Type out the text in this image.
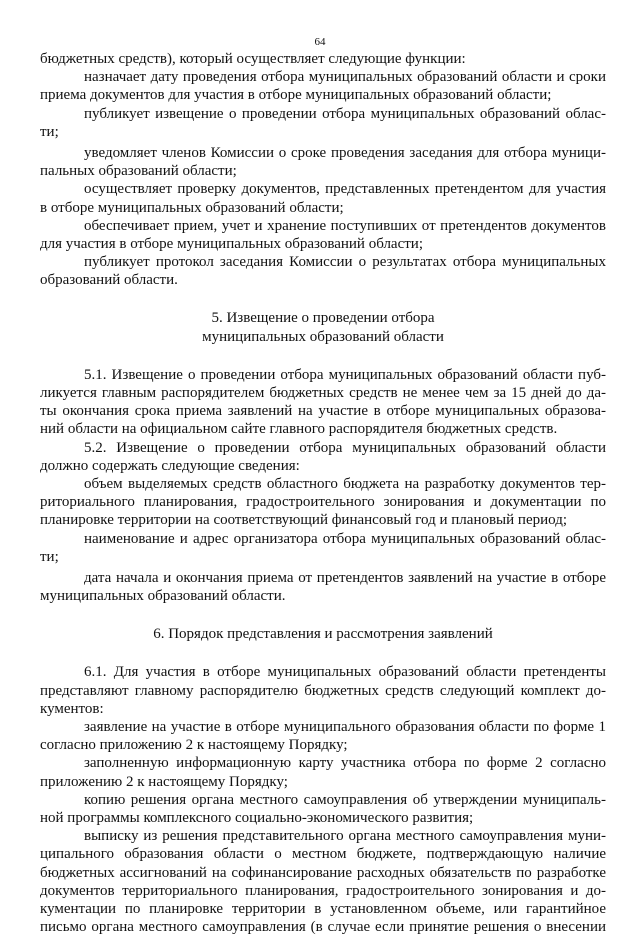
64
бюджетных средств), который осуществляет следующие функции:
назначает дату проведения отбора муниципальных образований области и сроки
приема документов для участия в отборе муниципальных образований области;
публикует извещение о проведении отбора муниципальных образований облас-
ти;
уведомляет членов Комиссии о сроке проведения заседания для отбора муници-
пальных образований области;
осуществляет проверку документов, представленных претендентом для участия
в отборе муниципальных образований области;
обеспечивает прием, учет и хранение поступивших от претендентов документов
для участия в отборе муниципальных образований области;
публикует протокол заседания Комиссии о результатах отбора муниципальных
образований области.
5. Извещение о проведении отбора
муниципальных образований области
5.1. Извещение о проведении отбора муниципальных образований области пуб-
ликуется главным распорядителем бюджетных средств не менее чем за 15 дней до да-
ты окончания срока приема заявлений на участие в отборе муниципальных образова-
ний области на официальном сайте главного распорядителя бюджетных средств.
5.2. Извещение о проведении отбора муниципальных образований области
должно содержать следующие сведения:
объем выделяемых средств областного бюджета на разработку документов тер-
риториального планирования, градостроительного зонирования и документации по
планировке территории на соответствующий финансовый год и плановый период;
наименование и адрес организатора отбора муниципальных образований облас-
ти;
дата начала и окончания приема от претендентов заявлений на участие в отборе
муниципальных образований области.
6. Порядок представления и рассмотрения заявлений
6.1. Для участия в отборе муниципальных образований области претенденты
представляют главному распорядителю бюджетных средств следующий комплект до-
кументов:
заявление на участие в отборе муниципального образования области по форме 1
согласно приложению 2 к настоящему Порядку;
заполненную информационную карту участника отбора по форме 2 согласно
приложению 2 к настоящему Порядку;
копию решения органа местного самоуправления об утверждении муниципаль-
ной программы комплексного социально-экономического развития;
выписку из решения представительного органа местного самоуправления муни-
ципального образования области о местном бюджете, подтверждающую наличие
бюджетных ассигнований на софинансирование расходных обязательств по разработке
документов территориального планирования, градостроительного зонирования и до-
кументации по планировке территории в установленном объеме, или гарантийное
письмо органа местного самоуправления (в случае если принятие решения о внесении
